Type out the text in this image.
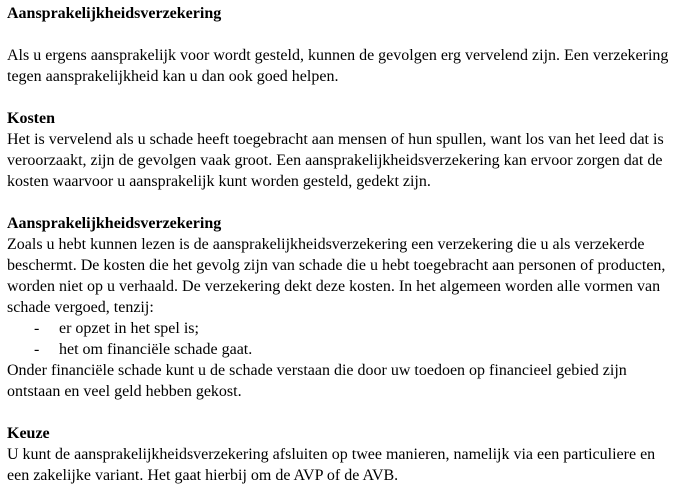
Aansprakelijkheidsverzekering

Als u ergens aansprakelijk voor wordt gesteld, kunnen de gevolgen erg vervelend zijn. Een verzekering tegen aansprakelijkheid kan u dan ook goed helpen.

Kosten

Het is vervelend als u schade heeft toegebracht aan mensen of hun spullen, want los van het leed dat is veroorzaakt, zijn de gevolgen vaak groot. Een aansprakelijkheidsverzekering kan ervoor zorgen dat de kosten waarvoor u aansprakelijk kunt worden gesteld, gedekt zijn.

Aansprakelijkheidsverzekering

Zoals u hebt kunnen lezen is de aansprakelijkheidsverzekering een verzekering die u als verzekerde beschermt. De kosten die het gevolg zijn van schade die u hebt toegebracht aan personen of producten, worden niet op u verhaald. De verzekering dekt deze kosten. In het algemeen worden alle vormen van schade vergoed, tenzij:

- er opzet in het spel is;
- het om financiële schade gaat.

Onder financiële schade kunt u de schade verstaan die door uw toedoen op financieel gebied zijn ontstaan en veel geld hebben gekost.

Keuze

U kunt de aansprakelijkheidsverzekering afsluiten op twee manieren, namelijk via een particuliere en een zakelijke variant. Het gaat hierbij om de AVP of de AVB.
